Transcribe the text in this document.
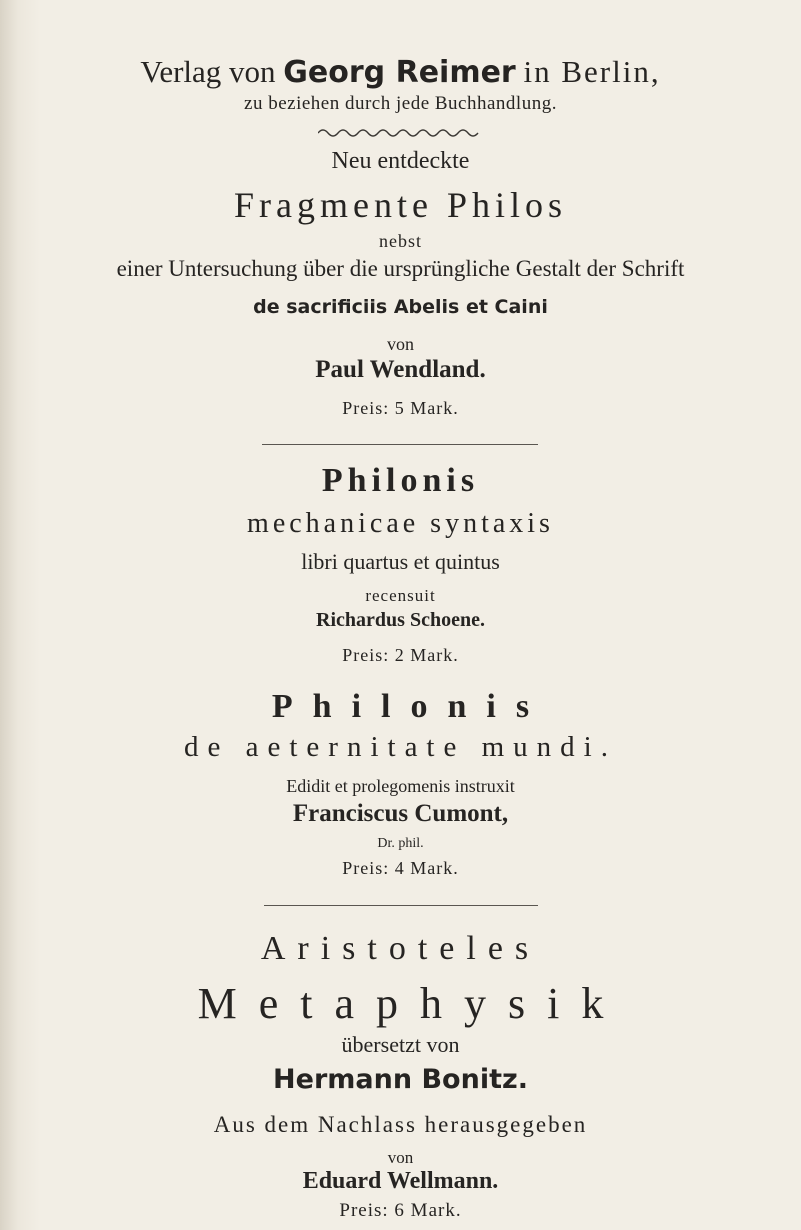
Verlag von Georg Reimer in Berlin,
zu beziehen durch jede Buchhandlung.
Neu entdeckte
Fragmente Philos
nebst
einer Untersuchung über die ursprüngliche Gestalt der Schrift
de sacrificiis Abelis et Caini
von
Paul Wendland.
Preis: 5 Mark.
Philonis
mechanicae syntaxis
libri quartus et quintus
recensuit
Richardus Schoene.
Preis: 2 Mark.
Philonis
de aeternitate mundi.
Edidit et prolegomenis instruxit
Franciscus Cumont,
Dr. phil.
Preis: 4 Mark.
Aristoteles
Metaphysik
übersetzt von
Hermann Bonitz.
Aus dem Nachlass herausgegeben
von
Eduard Wellmann.
Preis: 6 Mark.
